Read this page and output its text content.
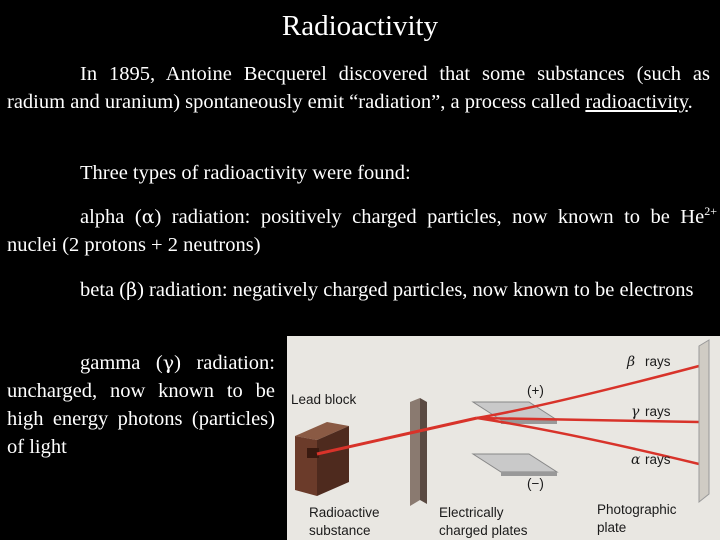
Radioactivity
In 1895, Antoine Becquerel discovered that some substances (such as radium and uranium) spontaneously emit “radiation”, a process called radioactivity.
Three types of radioactivity were found:
alpha (α) radiation: positively charged particles, now known to be $He^{2+}$ nuclei (2 protons + 2 neutrons)
beta (β) radiation: negatively charged particles, now known to be electrons
gamma (γ) radiation: uncharged, now known to be high energy photons (particles) of light
Lead block
(+)
(−)
β rays
γ rays
α rays
Radioactive
substance
Electrically
charged plates
Photographic
plate
